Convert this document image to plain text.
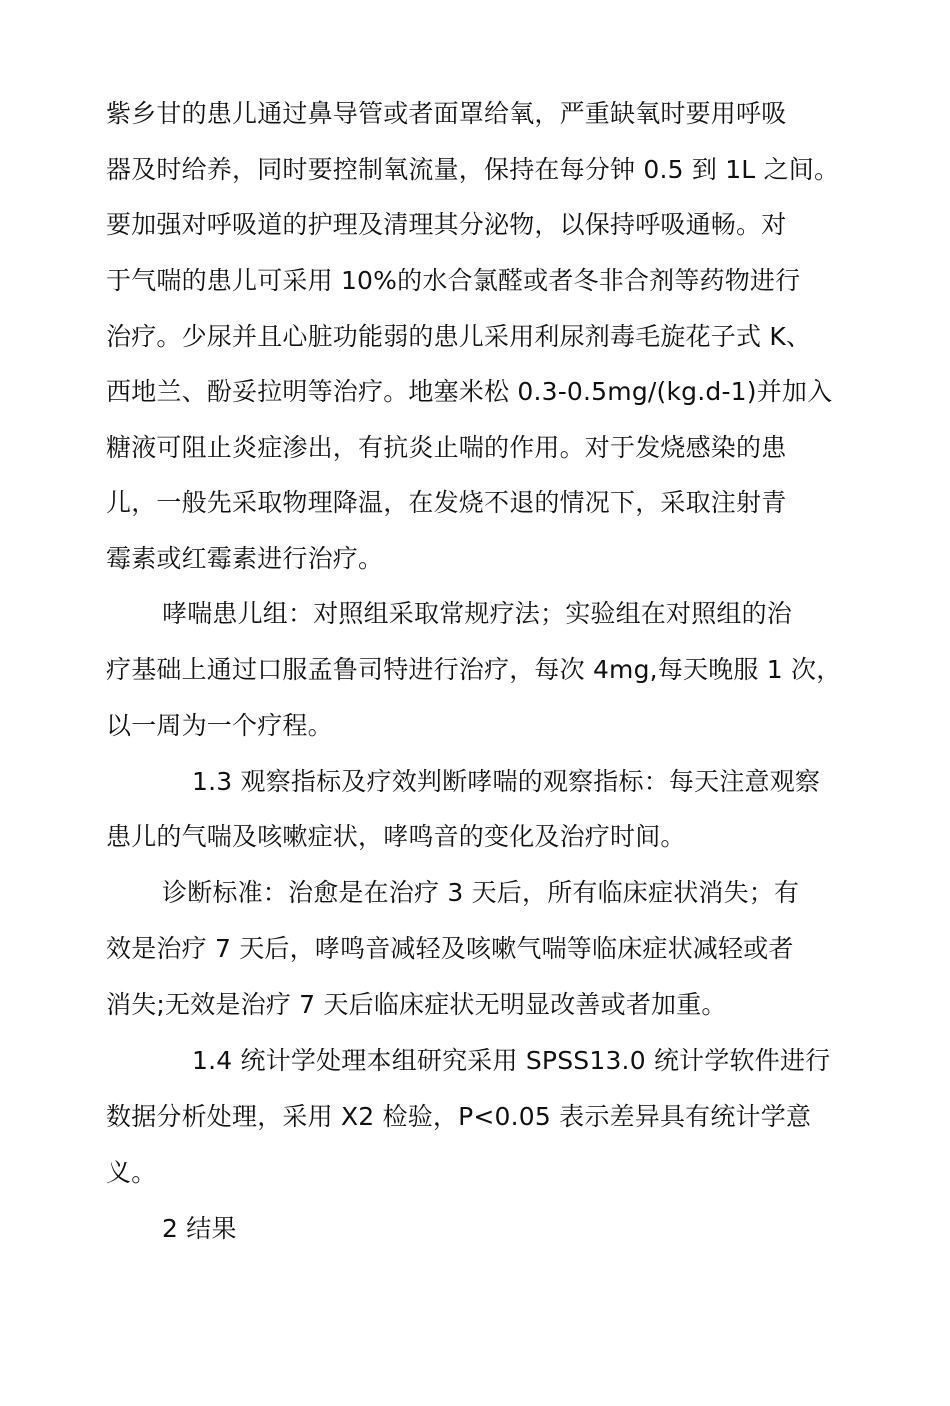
紫乡甘的患儿通过鼻导管或者面罩给氧，严重缺氧时要用呼吸
器及时给养，同时要控制氧流量，保持在每分钟 0.5 到 1L 之间。
要加强对呼吸道的护理及清理其分泌物，以保持呼吸通畅。对
于气喘的患儿可采用 10%的水合氯醛或者冬非合剂等药物进行
治疗。少尿并且心脏功能弱的患儿采用利尿剂毒毛旋花子式 K、
西地兰、酚妥拉明等治疗。地塞米松 0.3-0.5mg/(kg.d-1)并加入
糖液可阻止炎症渗出，有抗炎止喘的作用。对于发烧感染的患
儿，一般先采取物理降温，在发烧不退的情况下，采取注射青
霉素或红霉素进行治疗。
哮喘患儿组：对照组采取常规疗法；实验组在对照组的治
疗基础上通过口服孟鲁司特进行治疗，每次 4mg,每天晚服 1 次，
以一周为一个疗程。
1.3 观察指标及疗效判断哮喘的观察指标：每天注意观察
患儿的气喘及咳嗽症状，哮鸣音的变化及治疗时间。
诊断标准：治愈是在治疗 3 天后，所有临床症状消失；有
效是治疗 7 天后，哮鸣音减轻及咳嗽气喘等临床症状减轻或者
消失;无效是治疗 7 天后临床症状无明显改善或者加重。
1.4 统计学处理本组研究采用 SPSS13.0 统计学软件进行
数据分析处理，采用 X2 检验，P<0.05 表示差异具有统计学意
义。
2 结果
